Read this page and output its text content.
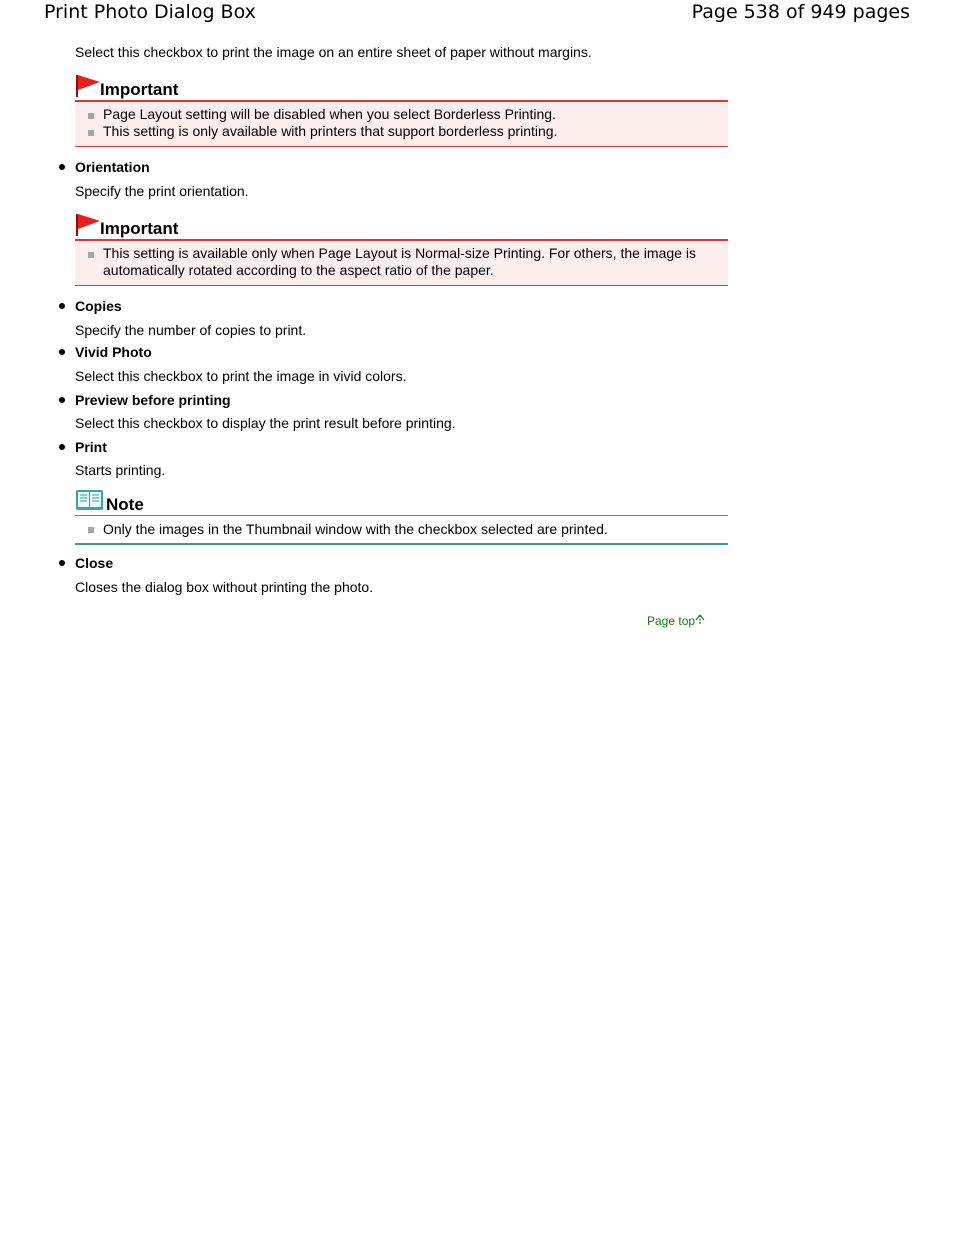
Print Photo Dialog Box	Page 538 of 949 pages
Select this checkbox to print the image on an entire sheet of paper without margins.
Important
Page Layout setting will be disabled when you select Borderless Printing.
This setting is only available with printers that support borderless printing.
Orientation
Specify the print orientation.
Important
This setting is available only when Page Layout is Normal-size Printing. For others, the image is automatically rotated according to the aspect ratio of the paper.
Copies
Specify the number of copies to print.
Vivid Photo
Select this checkbox to print the image in vivid colors.
Preview before printing
Select this checkbox to display the print result before printing.
Print
Starts printing.
Note
Only the images in the Thumbnail window with the checkbox selected are printed.
Close
Closes the dialog box without printing the photo.
Page top
